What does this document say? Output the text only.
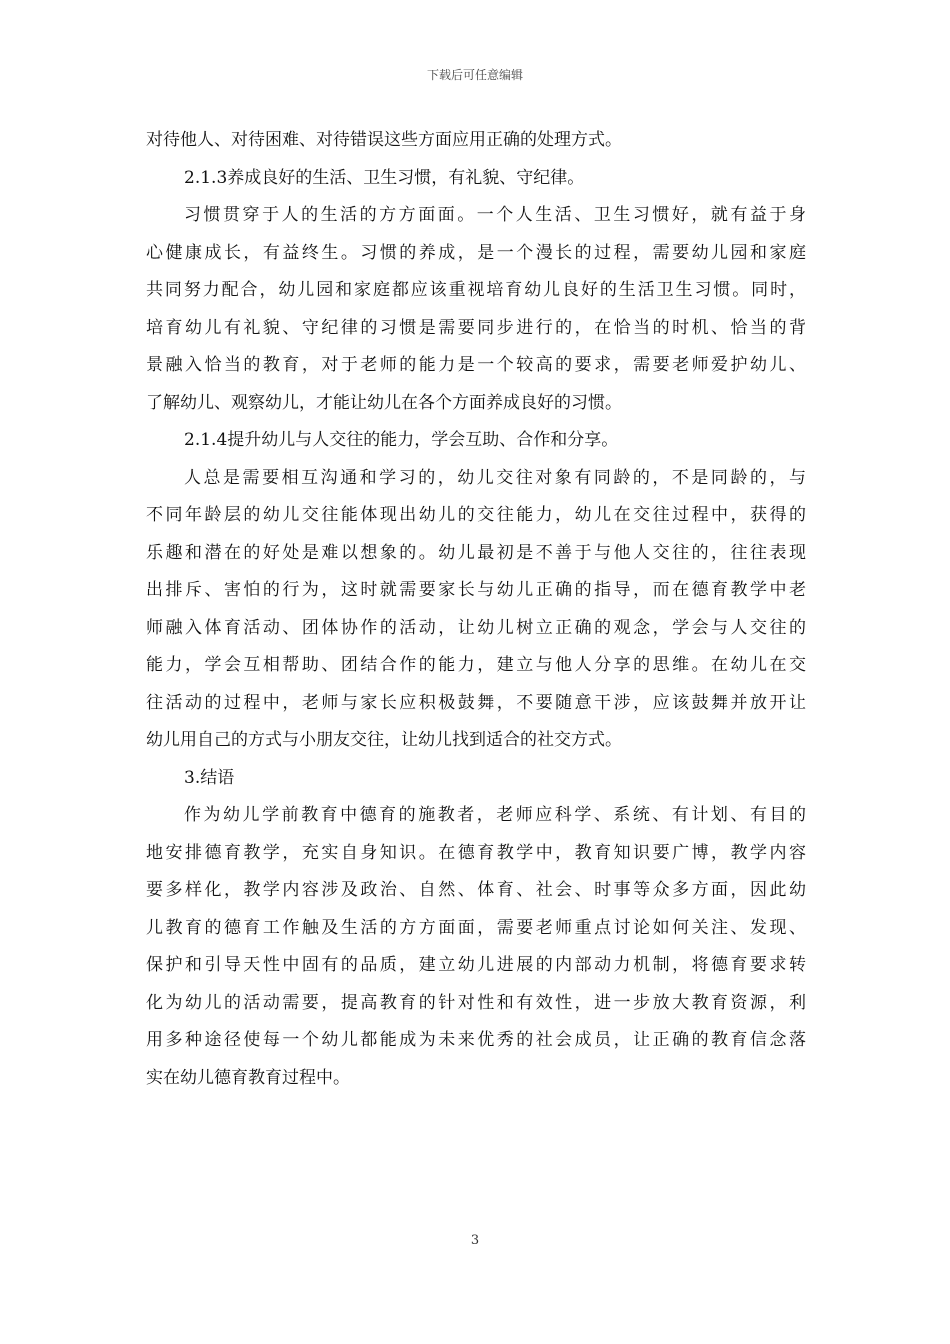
下载后可任意编辑
对待他人、对待困难、对待错误这些方面应用正确的处理方式。
2.1.3养成良好的生活、卫生习惯，有礼貌、守纪律。
习惯贯穿于人的生活的方方面面。一个人生活、卫生习惯好，就有益于身
心健康成长，有益终生。习惯的养成，是一个漫长的过程，需要幼儿园和家庭
共同努力配合，幼儿园和家庭都应该重视培育幼儿良好的生活卫生习惯。同时，
培育幼儿有礼貌、守纪律的习惯是需要同步进行的，在恰当的时机、恰当的背
景融入恰当的教育，对于老师的能力是一个较高的要求，需要老师爱护幼儿、
了解幼儿、观察幼儿，才能让幼儿在各个方面养成良好的习惯。
2.1.4提升幼儿与人交往的能力，学会互助、合作和分享。
人总是需要相互沟通和学习的，幼儿交往对象有同龄的，不是同龄的，与
不同年龄层的幼儿交往能体现出幼儿的交往能力，幼儿在交往过程中，获得的
乐趣和潜在的好处是难以想象的。幼儿最初是不善于与他人交往的，往往表现
出排斥、害怕的行为，这时就需要家长与幼儿正确的指导，而在德育教学中老
师融入体育活动、团体协作的活动，让幼儿树立正确的观念，学会与人交往的
能力，学会互相帮助、团结合作的能力，建立与他人分享的思维。在幼儿在交
往活动的过程中，老师与家长应积极鼓舞，不要随意干涉，应该鼓舞并放开让
幼儿用自己的方式与小朋友交往，让幼儿找到适合的社交方式。
3.结语
作为幼儿学前教育中德育的施教者，老师应科学、系统、有计划、有目的
地安排德育教学，充实自身知识。在德育教学中，教育知识要广博，教学内容
要多样化，教学内容涉及政治、自然、体育、社会、时事等众多方面，因此幼
儿教育的德育工作触及生活的方方面面，需要老师重点讨论如何关注、发现、
保护和引导天性中固有的品质，建立幼儿进展的内部动力机制，将德育要求转
化为幼儿的活动需要，提高教育的针对性和有效性，进一步放大教育资源，利
用多种途径使每一个幼儿都能成为未来优秀的社会成员，让正确的教育信念落
实在幼儿德育教育过程中。
3
